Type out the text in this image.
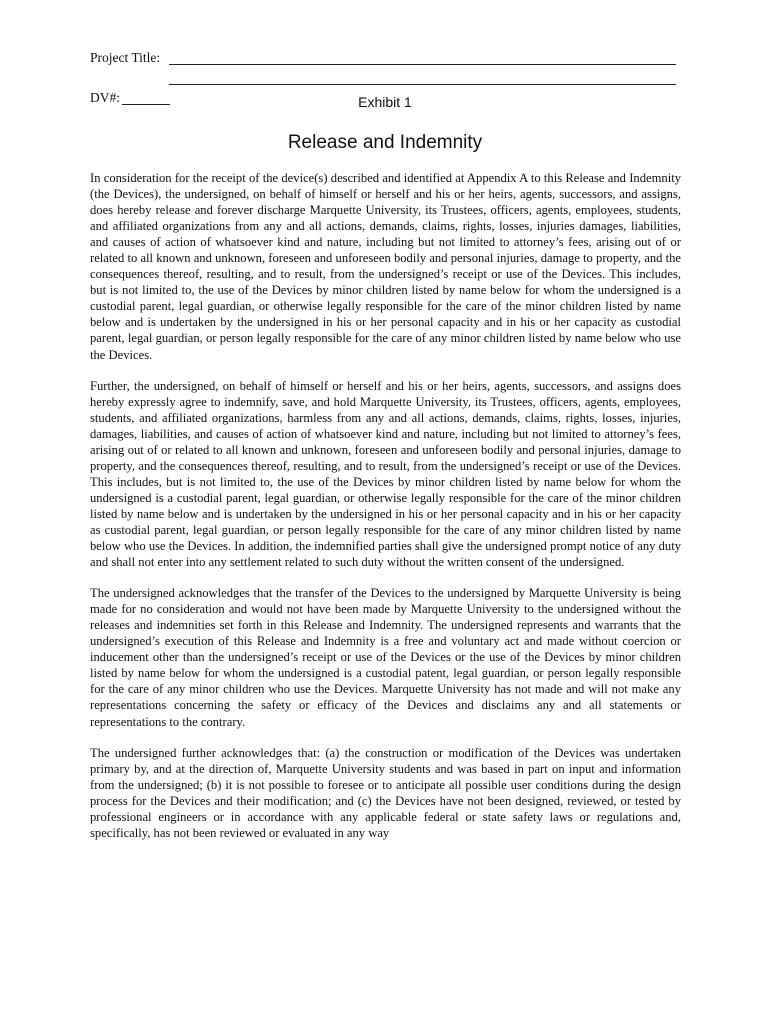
Project Title:
DV#:	Exhibit 1
Release and Indemnity

In consideration for the receipt of the device(s) described and identified at Appendix A to this Release and Indemnity (the Devices), the undersigned, on behalf of himself or herself and his or her heirs, agents, successors, and assigns, does hereby release and forever discharge Marquette University, its Trustees, officers, agents, employees, students, and affiliated organizations from any and all actions, demands, claims, rights, losses, injuries damages, liabilities, and causes of action of whatsoever kind and nature, including but not limited to attorney’s fees, arising out of or related to all known and unknown, foreseen and unforeseen bodily and personal injuries, damage to property, and the consequences thereof, resulting, and to result, from the undersigned’s receipt or use of the Devices. This includes, but is not limited to, the use of the Devices by minor children listed by name below for whom the undersigned is a custodial parent, legal guardian, or otherwise legally responsible for the care of the minor children listed by name below and is undertaken by the undersigned in his or her personal capacity and in his or her capacity as custodial parent, legal guardian, or person legally responsible for the care of any minor children listed by name below who use the Devices.

Further, the undersigned, on behalf of himself or herself and his or her heirs, agents, successors, and assigns does hereby expressly agree to indemnify, save, and hold Marquette University, its Trustees, officers, agents, employees, students, and affiliated organizations, harmless from any and all actions, demands, claims, rights, losses, injuries, damages, liabilities, and causes of action of whatsoever kind and nature, including but not limited to attorney’s fees, arising out of or related to all known and unknown, foreseen and unforeseen bodily and personal injuries, damage to property, and the consequences thereof, resulting, and to result, from the undersigned’s receipt or use of the Devices. This includes, but is not limited to, the use of the Devices by minor children listed by name below for whom the undersigned is a custodial parent, legal guardian, or otherwise legally responsible for the care of the minor children listed by name below and is undertaken by the undersigned in his or her personal capacity and in his or her capacity as custodial parent, legal guardian, or person legally responsible for the care of any minor children listed by name below who use the Devices. In addition, the indemnified parties shall give the undersigned prompt notice of any duty and shall not enter into any settlement related to such duty without the written consent of the undersigned.

The undersigned acknowledges that the transfer of the Devices to the undersigned by Marquette University is being made for no consideration and would not have been made by Marquette University to the undersigned without the releases and indemnities set forth in this Release and Indemnity. The undersigned represents and warrants that the undersigned’s execution of this Release and Indemnity is a free and voluntary act and made without coercion or inducement other than the undersigned’s receipt or use of the Devices or the use of the Devices by minor children listed by name below for whom the undersigned is a custodial patent, legal guardian, or person legally responsible for the care of any minor children who use the Devices. Marquette University has not made and will not make any representations concerning the safety or efficacy of the Devices and disclaims any and all statements or representations to the contrary.

The undersigned further acknowledges that: (a) the construction or modification of the Devices was undertaken primary by, and at the direction of, Marquette University students and was based in part on input and information from the undersigned; (b) it is not possible to foresee or to anticipate all possible user conditions during the design process for the Devices and their modification; and (c) the Devices have not been designed, reviewed, or tested by professional engineers or in accordance with any applicable federal or state safety laws or regulations and, specifically, has not been reviewed or evaluated in any way
